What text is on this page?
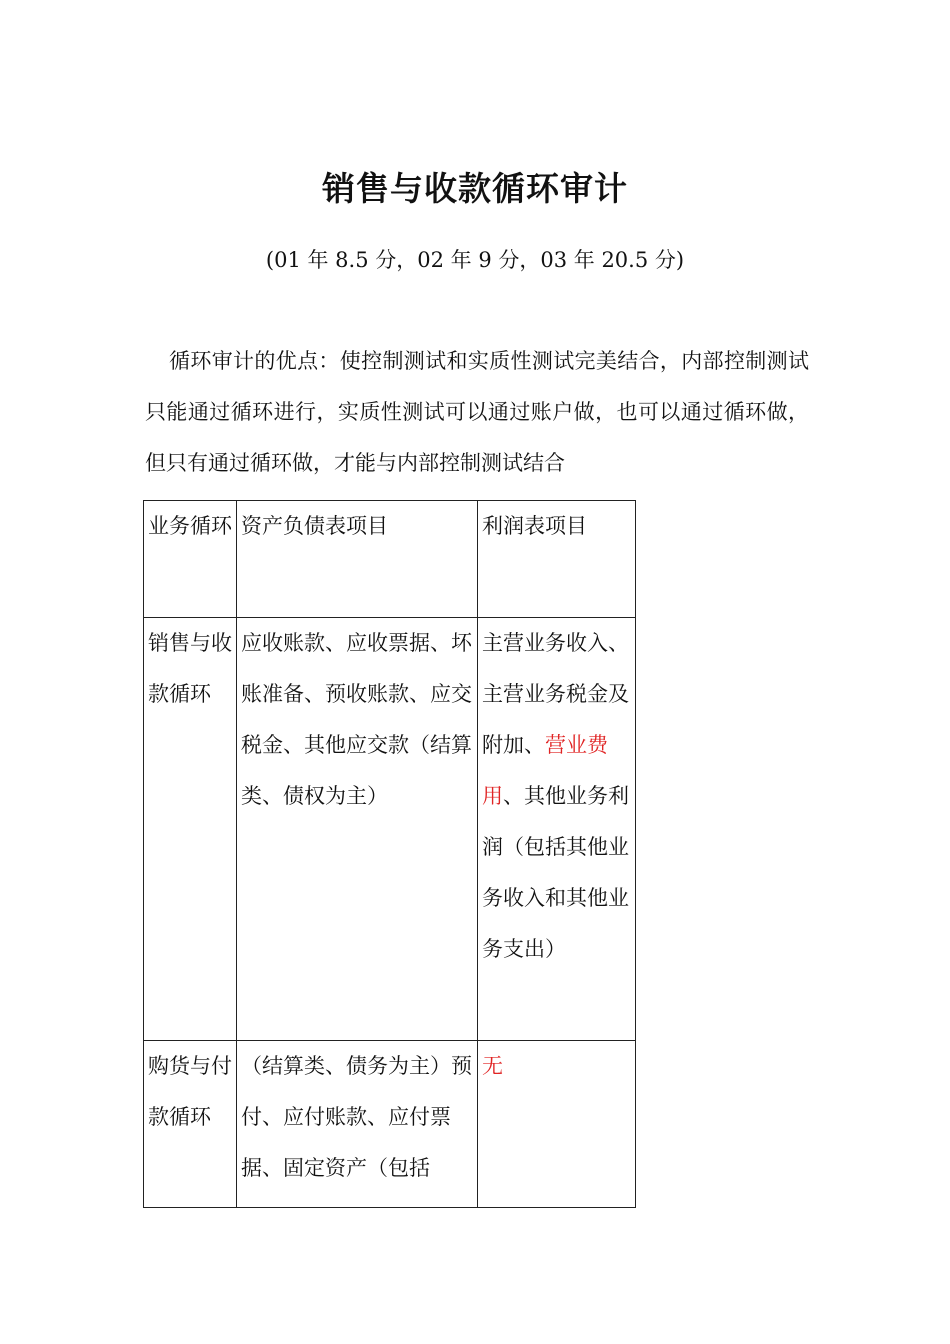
销售与收款循环审计
(01 年 8.5 分，02 年 9 分，03 年 20.5 分)

循环审计的优点：使控制测试和实质性测试完美结合，内部控制测试只能通过循环进行，实质性测试可以通过账户做，也可以通过循环做，但只有通过循环做，才能与内部控制测试结合

业务循环	资产负债表项目	利润表项目
销售与收款循环	应收账款、应收票据、坏账准备、预收账款、应交税金、其他应交款（结算类、债权为主）	主营业务收入、主营业务税金及附加、营业费用、其他业务利润（包括其他业务收入和其他业务支出）
购货与付款循环	（结算类、债务为主）预付、应付账款、应付票据、固定资产（包括	无
